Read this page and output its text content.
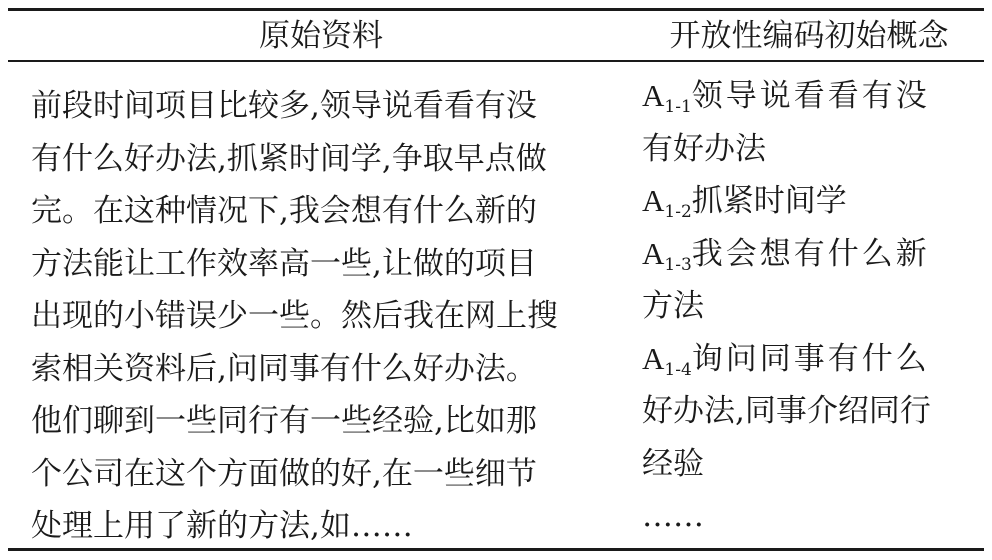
原始资料	开放性编码初始概念
前段时间项目比较多,领导说看看有没
有什么好办法,抓紧时间学,争取早点做
完。在这种情况下,我会想有什么新的
方法能让工作效率高一些,让做的项目
出现的小错误少一些。然后我在网上搜
索相关资料后,问同事有什么好办法。
他们聊到一些同行有一些经验,比如那
个公司在这个方面做的好,在一些细节
处理上用了新的方法,如……
$A_{1-1}$领导说看看有没
有好办法
$A_{1-2}$抓紧时间学
$A_{1-3}$我会想有什么新
方法
$A_{1-4}$询问同事有什么
好办法,同事介绍同行
经验
……
